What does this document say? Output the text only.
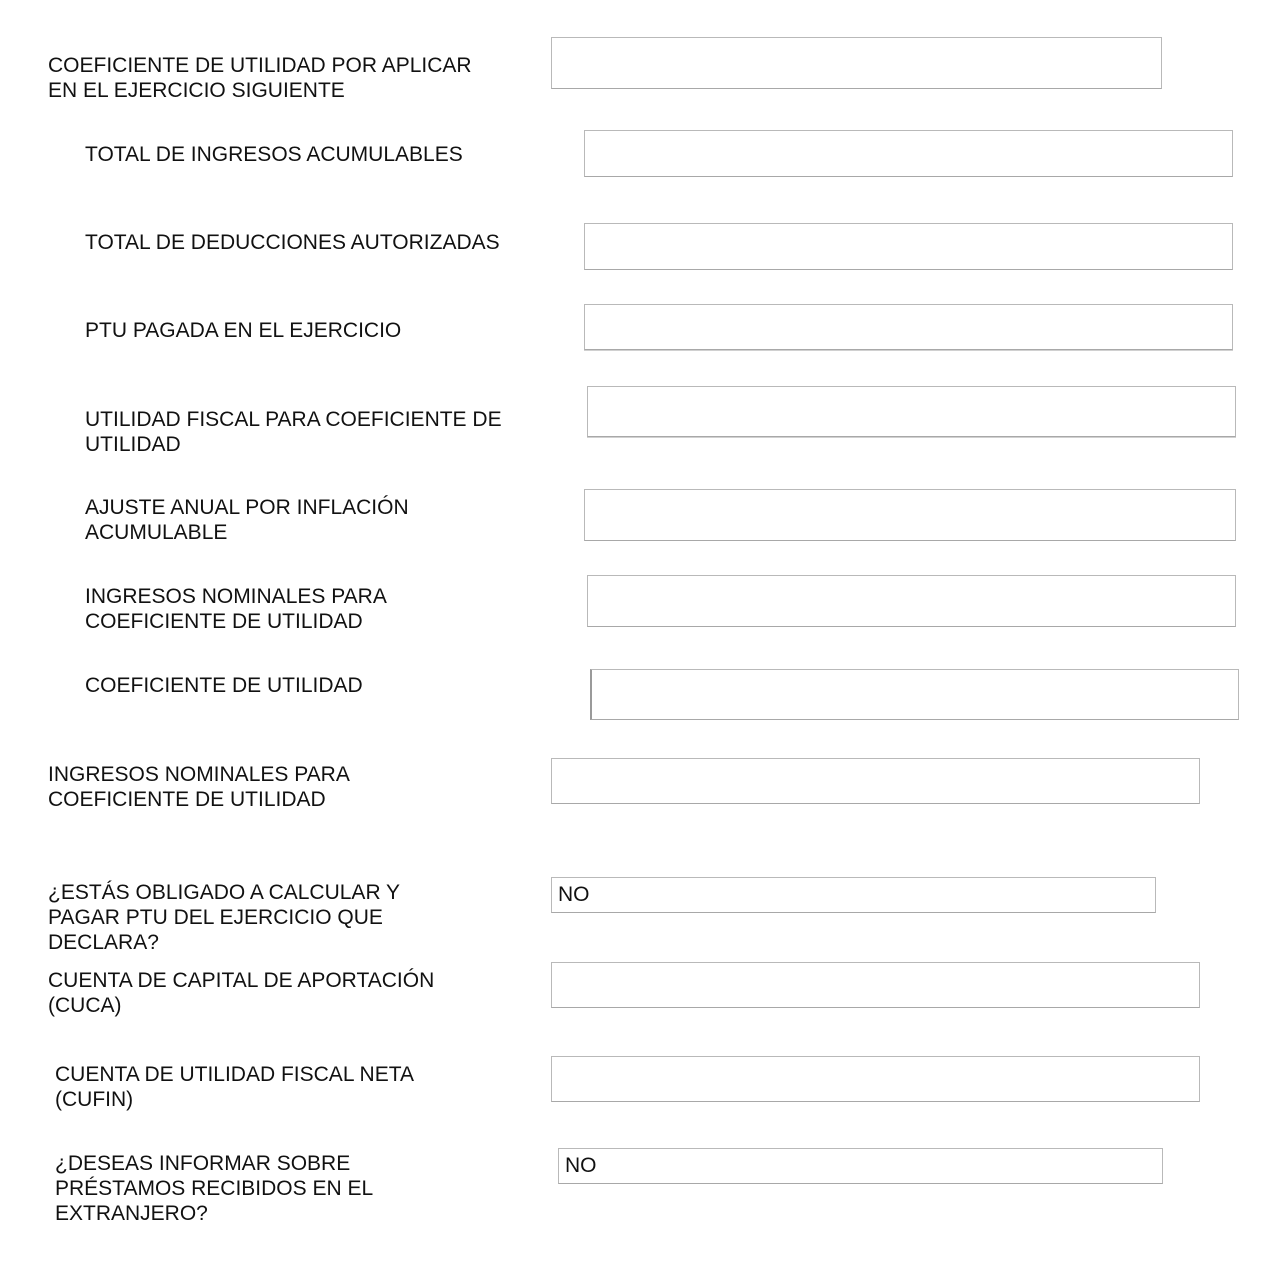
COEFICIENTE DE UTILIDAD POR APLICAR
EN EL EJERCICIO SIGUIENTE
TOTAL DE INGRESOS ACUMULABLES
TOTAL DE DEDUCCIONES AUTORIZADAS
PTU PAGADA EN EL EJERCICIO
UTILIDAD FISCAL PARA COEFICIENTE DE
UTILIDAD
AJUSTE ANUAL POR INFLACIÓN
ACUMULABLE
INGRESOS NOMINALES PARA
COEFICIENTE DE UTILIDAD
COEFICIENTE DE UTILIDAD
INGRESOS NOMINALES PARA
COEFICIENTE DE UTILIDAD
¿ESTÁS OBLIGADO A CALCULAR Y
PAGAR PTU DEL EJERCICIO QUE
DECLARA?
NO
CUENTA DE CAPITAL DE APORTACIÓN
(CUCA)
CUENTA DE UTILIDAD FISCAL NETA
(CUFIN)
¿DESEAS INFORMAR SOBRE
PRÉSTAMOS RECIBIDOS EN EL
EXTRANJERO?
NO
